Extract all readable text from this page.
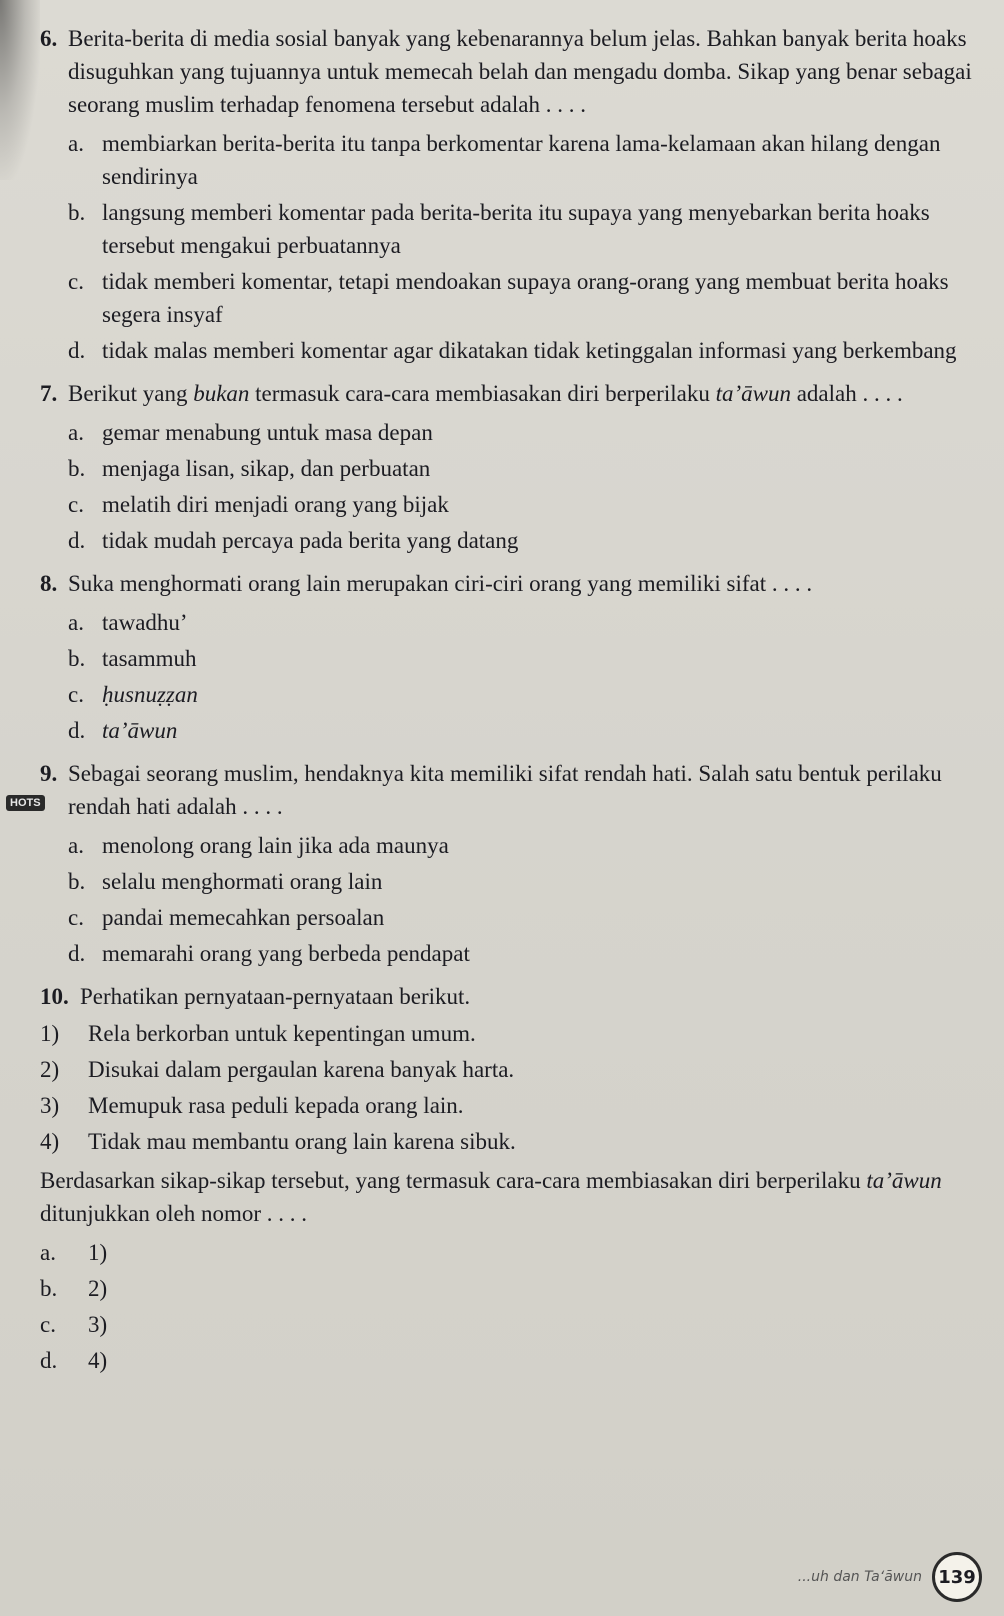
6. Berita-berita di media sosial banyak yang kebenarannya belum jelas. Bahkan banyak berita hoaks disuguhkan yang tujuannya untuk memecah belah dan mengadu domba. Sikap yang benar sebagai seorang muslim terhadap fenomena tersebut adalah . . . .
a. membiarkan berita-berita itu tanpa berkomentar karena lama-kelamaan akan hilang dengan sendirinya
b. langsung memberi komentar pada berita-berita itu supaya yang menyebarkan berita hoaks tersebut mengakui perbuatannya
c. tidak memberi komentar, tetapi mendoakan supaya orang-orang yang membuat berita hoaks segera insyaf
d. tidak malas memberi komentar agar dikatakan tidak ketinggalan informasi yang berkembang
7. Berikut yang bukan termasuk cara-cara membiasakan diri berperilaku ta’āwun adalah . . . .
a. gemar menabung untuk masa depan
b. menjaga lisan, sikap, dan perbuatan
c. melatih diri menjadi orang yang bijak
d. tidak mudah percaya pada berita yang datang
8. Suka menghormati orang lain merupakan ciri-ciri orang yang memiliki sifat . . . .
a. tawadhu’
b. tasammuh
c. ḥusnuẓẓan
d. ta’āwun
9.
HOTS
Sebagai seorang muslim, hendaknya kita memiliki sifat rendah hati. Salah satu bentuk perilaku rendah hati adalah . . . .
a. menolong orang lain jika ada maunya
b. selalu menghormati orang lain
c. pandai memecahkan persoalan
d. memarahi orang yang berbeda pendapat
10. Perhatikan pernyataan-pernyataan berikut.
1) Rela berkorban untuk kepentingan umum.
2) Disukai dalam pergaulan karena banyak harta.
3) Memupuk rasa peduli kepada orang lain.
4) Tidak mau membantu orang lain karena sibuk.
Berdasarkan sikap-sikap tersebut, yang termasuk cara-cara membiasakan diri berperilaku ta’āwun ditunjukkan oleh nomor . . . .
a. 1)
b. 2)
c. 3)
d. 4)
...uh dan Ta‘āwun 139
